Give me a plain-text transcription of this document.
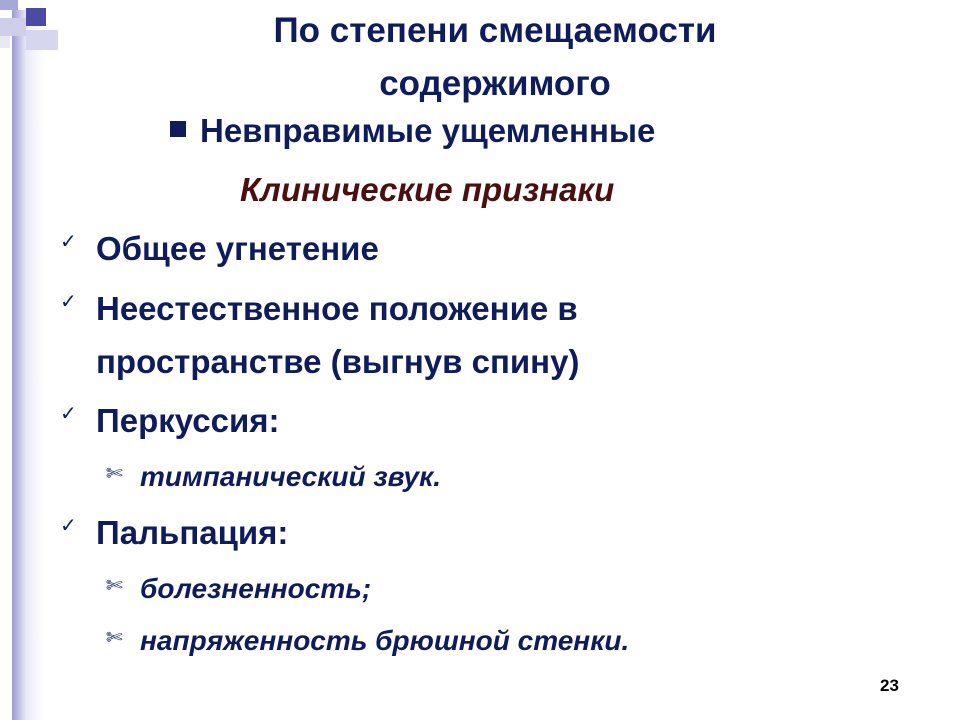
По степени смещаемости
содержимого
Невправимые ущемленные
Клинические признаки
✓ Общее угнетение
✓ Неестественное положение в
пространстве (выгнув спину)
✓ Перкуссия:
✄ тимпанический звук.
✓ Пальпация:
✄ болезненность;
✄ напряженность брюшной стенки.
23
